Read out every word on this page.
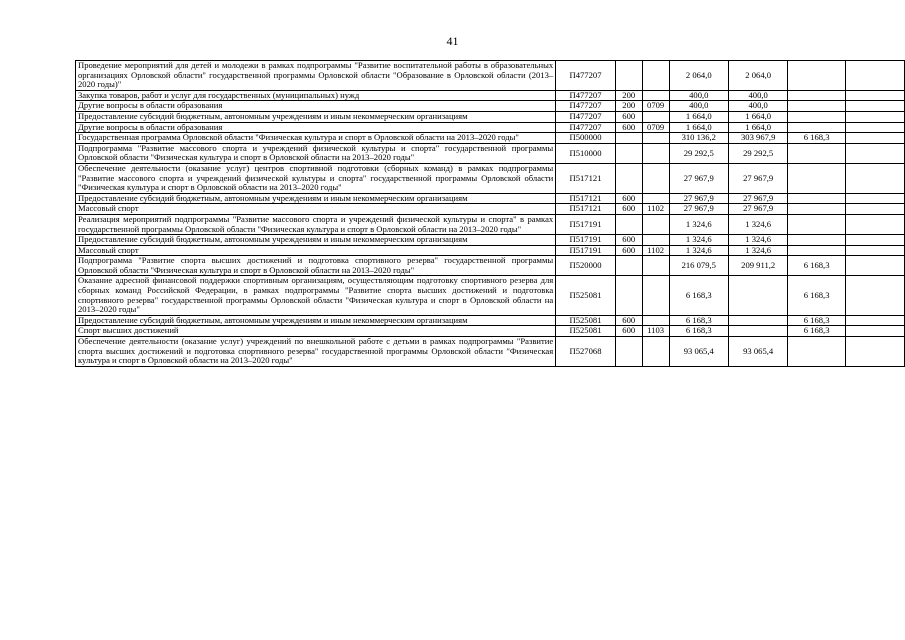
41
Проведение мероприятий для детей и молодежи в рамках подпрограммы "Развитие воспитательной работы в образовательных организациях Орловской области" государственной программы Орловской области "Образование в Орловской области (2013–2020 годы)"	П477207			2 064,0	2 064,0		
Закупка товаров, работ и услуг для государственных (муниципальных) нужд	П477207	200		400,0	400,0		
Другие вопросы в области образования	П477207	200	0709	400,0	400,0		
Предоставление субсидий бюджетным, автономным учреждениям и иным некоммерческим организациям	П477207	600		1 664,0	1 664,0		
Другие вопросы в области образования	П477207	600	0709	1 664,0	1 664,0		
Государственная программа Орловской области "Физическая культура и спорт в Орловской области на 2013–2020 годы"	П500000			310 136,2	303 967,9	6 168,3	
Подпрограмма "Развитие массового спорта и учреждений физической культуры и спорта" государственной программы Орловской области "Физическая культура и спорт в Орловской области на 2013–2020 годы"	П510000			29 292,5	29 292,5		
Обеспечение деятельности (оказание услуг) центров спортивной подготовки (сборных команд) в рамках подпрограммы "Развитие массового спорта и учреждений физической культуры и спорта" государственной программы Орловской области "Физическая культура и спорт в Орловской области на 2013–2020 годы"	П517121			27 967,9	27 967,9		
Предоставление субсидий бюджетным, автономным учреждениям и иным некоммерческим организациям	П517121	600		27 967,9	27 967,9		
Массовый спорт	П517121	600	1102	27 967,9	27 967,9		
Реализация мероприятий подпрограммы "Развитие массового спорта и учреждений физической культуры и спорта" в рамках государственной программы Орловской области "Физическая культура и спорт в Орловской области на 2013–2020 годы"	П517191			1 324,6	1 324,6		
Предоставление субсидий бюджетным, автономным учреждениям и иным некоммерческим организациям	П517191	600		1 324,6	1 324,6		
Массовый спорт	П517191	600	1102	1 324,6	1 324,6		
Подпрограмма "Развитие спорта высших достижений и подготовка спортивного резерва" государственной программы Орловской области "Физическая культура и спорт в Орловской области на 2013–2020 годы"	П520000			216 079,5	209 911,2	6 168,3	
Оказание адресной финансовой поддержки спортивным организациям, осуществляющим подготовку спортивного резерва для сборных команд Российской Федерации, в рамках подпрограммы "Развитие спорта высших достижений и подготовка спортивного резерва" государственной программы Орловской области "Физическая культура и спорт в Орловской области на 2013–2020 годы"	П525081			6 168,3		6 168,3	
Предоставление субсидий бюджетным, автономным учреждениям и иным некоммерческим организациям	П525081	600		6 168,3		6 168,3	
Спорт высших достижений	П525081	600	1103	6 168,3		6 168,3	
Обеспечение деятельности (оказание услуг) учреждений по внешкольной работе с детьми в рамках подпрограммы "Развитие спорта высших достижений и подготовка спортивного резерва" государственной программы Орловской области "Физическая культура и спорт в Орловской области на 2013–2020 годы"	П527068			93 065,4	93 065,4		
